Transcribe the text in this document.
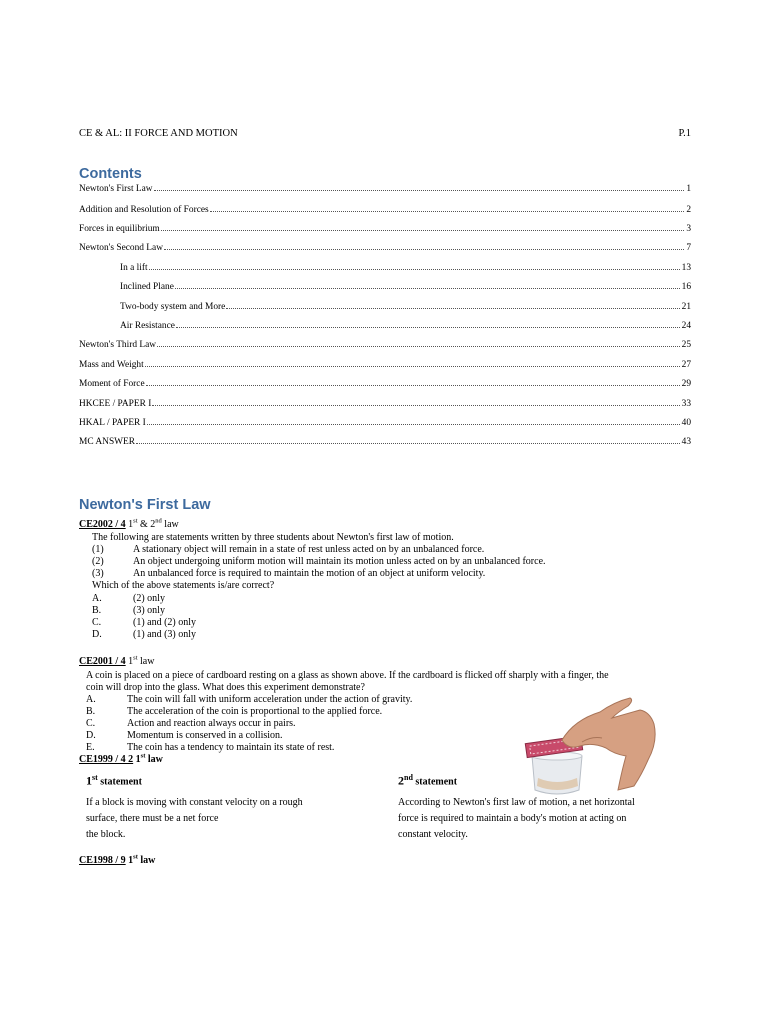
CE & AL: II FORCE AND MOTION	P.1
Contents
Newton's First Law	1
Addition and Resolution of Forces	2
Forces in equilibrium	3
Newton's Second Law	7
In a lift	13
Inclined Plane	16
Two-body system and More	21
Air Resistance	24
Newton's Third Law	25
Mass and Weight	27
Moment of Force	29
HKCEE / PAPER I	33
HKAL / PAPER I	40
MC ANSWER	43
Newton's First Law
CE2002 / 4 1st & 2nd law
The following are statements written by three students about Newton's first law of motion.
(1)	A stationary object will remain in a state of rest unless acted on by an unbalanced force.
(2)	An object undergoing uniform motion will maintain its motion unless acted on by an unbalanced force.
(3)	An unbalanced force is required to maintain the motion of an object at uniform velocity.
Which of the above statements is/are correct?
A.	(2) only
B.	(3) only
C.	(1) and (2) only
D.	(1) and (3) only
CE2001 / 4 1st law
A coin is placed on a piece of cardboard resting on a glass as shown above. If the cardboard is flicked off sharply with a finger, the
coin will drop into the glass. What does this experiment demonstrate?
A.	The coin will fall with uniform acceleration under the action of gravity.
B.	The acceleration of the coin is proportional to the applied force.
C.	Action and reaction always occur in pairs.
D.	Momentum is conserved in a collision.
E.	The coin has a tendency to maintain its state of rest.
CE1999 / 4 2 1st law
1st statement
If a block is moving with constant velocity on a rough
surface, there must be a net force
the block.
2nd statement
According to Newton's first law of motion, a net horizontal
force is required to maintain a body's motion at acting on
constant velocity.
CE1998 / 9 1st law
